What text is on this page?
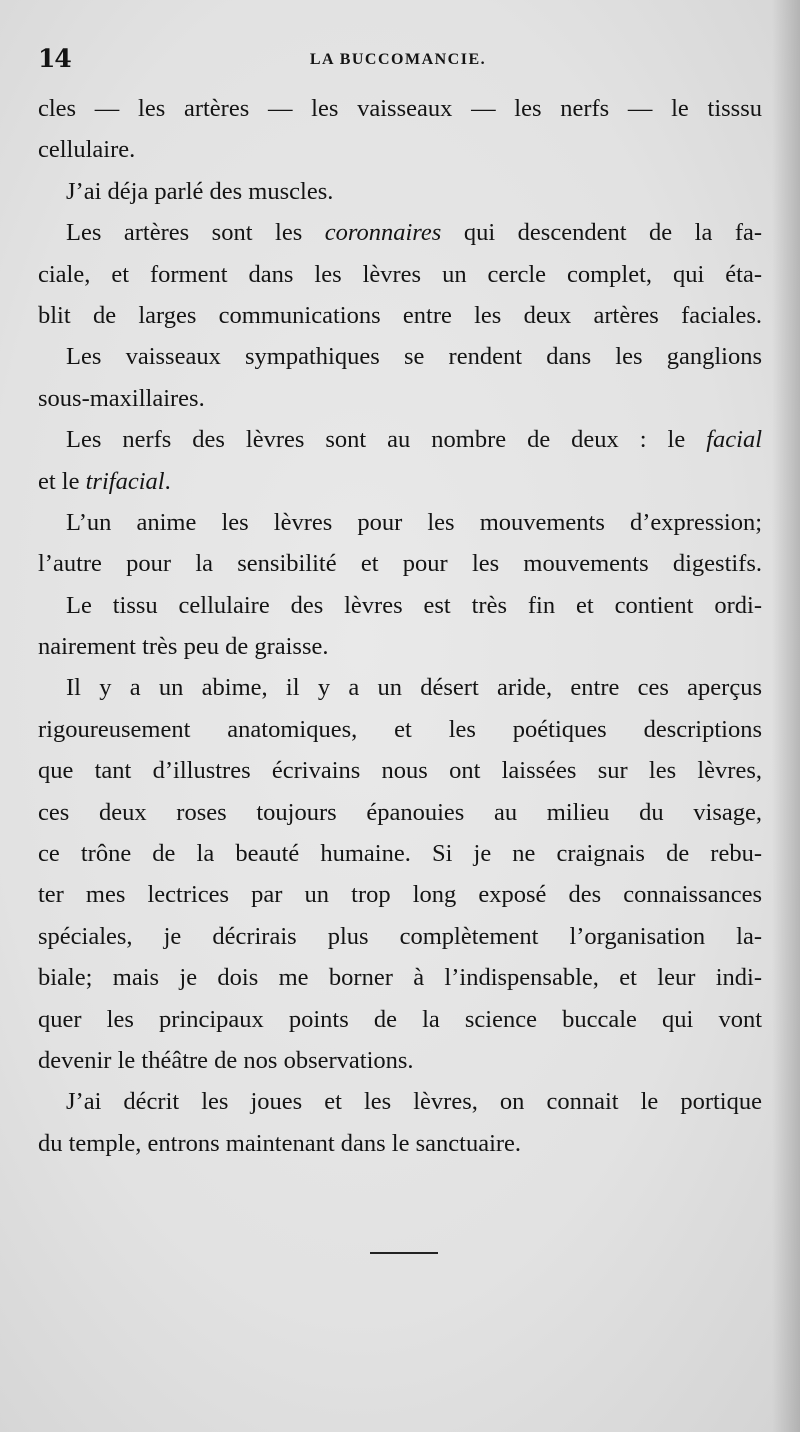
14	LA BUCCOMANCIE.
cles — les artères — les vaisseaux — les nerfs — le tisssu
cellulaire.
J’ai déja parlé des muscles.
Les artères sont les coronnaires qui descendent de la fa-
ciale, et forment dans les lèvres un cercle complet, qui éta-
blit de larges communications entre les deux artères faciales.
Les vaisseaux sympathiques se rendent dans les ganglions
sous-maxillaires.
Les nerfs des lèvres sont au nombre de deux : le facial
et le trifacial.
L’un anime les lèvres pour les mouvements d’expression;
l’autre pour la sensibilité et pour les mouvements digestifs.
Le tissu cellulaire des lèvres est très fin et contient ordi-
nairement très peu de graisse.
Il y a un abime, il y a un désert aride, entre ces aperçus
rigoureusement anatomiques, et les poétiques descriptions
que tant d’illustres écrivains nous ont laissées sur les lèvres,
ces deux roses toujours épanouies au milieu du visage,
ce trône de la beauté humaine. Si je ne craignais de rebu-
ter mes lectrices par un trop long exposé des connaissances
spéciales, je décrirais plus complètement l’organisation la-
biale; mais je dois me borner à l’indispensable, et leur indi-
quer les principaux points de la science buccale qui vont
devenir le théâtre de nos observations.
J’ai décrit les joues et les lèvres, on connait le portique
du temple, entrons maintenant dans le sanctuaire.
